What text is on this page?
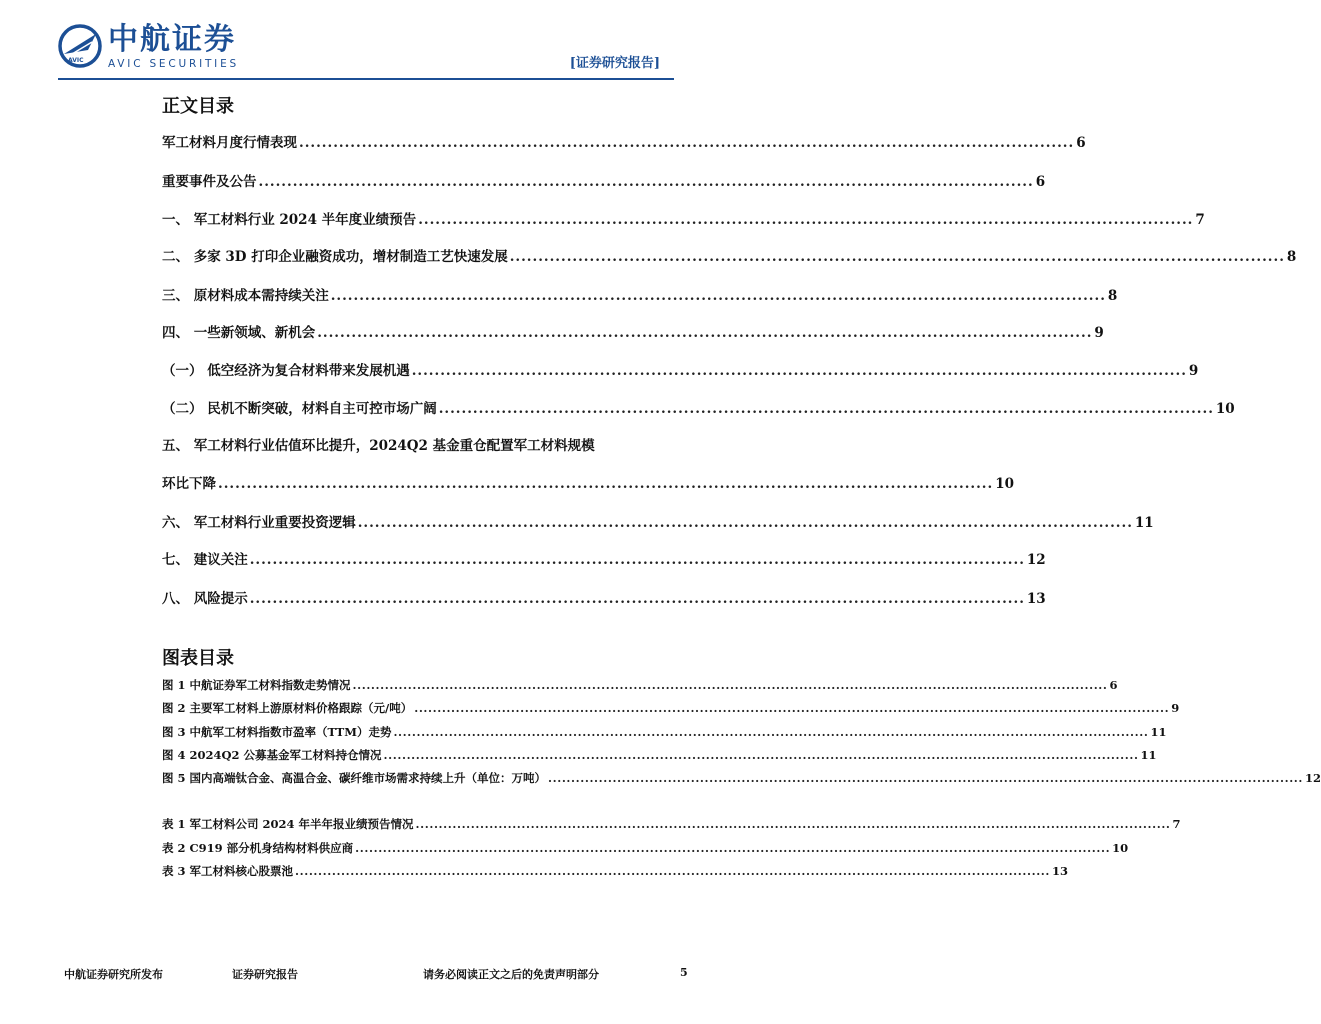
AVIC
中航证券
AVIC SECURITIES	[证券研究报告]
正文目录
军工材料月度行情表现 ........................................................................................................................................ 6
重要事件及公告 ........................................................................................................................................ 6
一、 军工材料行业 2024 半年度业绩预告 ........................................................................................................................................ 7
二、 多家 3D 打印企业融资成功，增材制造工艺快速发展 ........................................................................................................................................ 8
三、 原材料成本需持续关注 ........................................................................................................................................ 8
四、 一些新领域、新机会 ........................................................................................................................................ 9
（一） 低空经济为复合材料带来发展机遇 ........................................................................................................................................ 9
（二） 民机不断突破，材料自主可控市场广阔 ........................................................................................................................................ 10
五、 军工材料行业估值环比提升，2024Q2 基金重仓配置军工材料规模
环比下降 ........................................................................................................................................ 10
六、 军工材料行业重要投资逻辑 ........................................................................................................................................ 11
七、 建议关注 ........................................................................................................................................ 12
八、 风险提示 ........................................................................................................................................ 13
图表目录
图 1 中航证券军工材料指数走势情况 .................................................................................................................................................................... 6
图 2 主要军工材料上游原材料价格跟踪（元/吨） .................................................................................................................................................................... 9
图 3 中航军工材料指数市盈率（TTM）走势 .................................................................................................................................................................... 11
图 4 2024Q2 公募基金军工材料持仓情况 .................................................................................................................................................................... 11
图 5 国内高端钛合金、高温合金、碳纤维市场需求持续上升（单位：万吨） .................................................................................................................................................................... 12
表 1 军工材料公司 2024 年半年报业绩预告情况 .................................................................................................................................................................... 7
表 2 C919 部分机身结构材料供应商 .................................................................................................................................................................... 10
表 3 军工材料核心股票池 .................................................................................................................................................................... 13
中航证券研究所发布	证券研究报告	请务必阅读正文之后的免责声明部分	5
